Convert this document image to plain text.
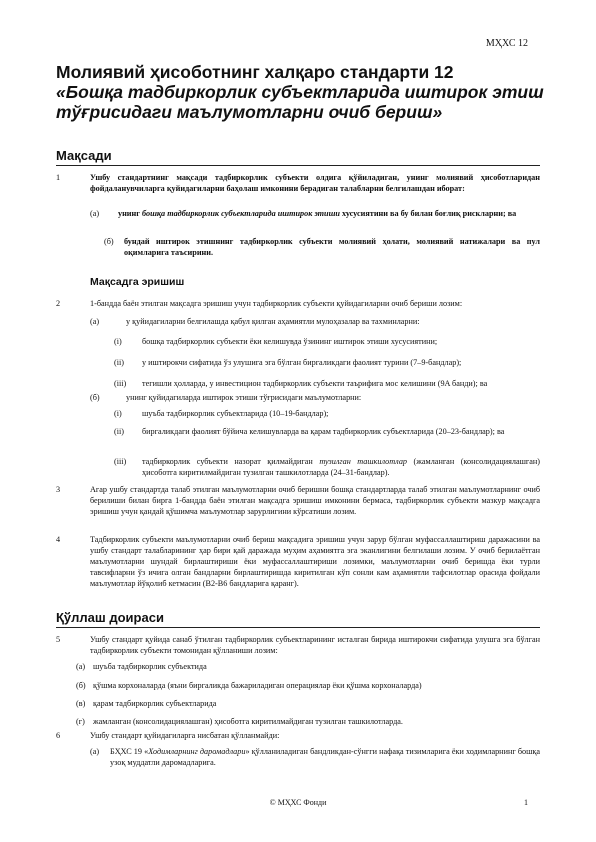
МҲХС 12
Молиявий ҳисоботнинг халқаро стандарти 12
«Бошқа тадбиркорлик субъектларида иштирок этиш тўғрисидаги маълумотларни очиб бериш»
Мақсади
1	Ушбу стандартнинг мақсади тадбиркорлик субъекти олдига қўйиладиган, унинг молиявий ҳисоботларидан фойдаланувчиларга қуйидагиларни баҳолаш имконини берадиган талабларни белгилашдан иборат:
(a) унинг бошқа тадбиркорлик субъектларида иштирок этиши хусусиятини ва бу билан боғлиқ рискларни; ва
(б) бундай иштирок этишнинг тадбиркорлик субъекти молиявий ҳолати, молиявий натижалари ва пул оқимларига таъсирини.
Мақсадга эришиш
2	1-бандда баён этилган мақсадга эришиш учун тадбиркорлик субъекти қуйидагиларни очиб бериши лозим:
(a)	у қуйидагиларни белгилашда қабул қилган аҳамиятли мулоҳазалар ва тахминларни:
(i) бошқа тадбиркорлик субъекти ёки келишувда ўзининг иштирок этиши хусусиятини;
(ii) у иштирокчи сифатида ўз улушига эга бўлган биргаликдаги фаолият турини (7–9-бандлар);
(iii) тегишли ҳолларда, у инвестицион тадбиркорлик субъекти таърифига мос келишини (9A банди); ва
(б)	унинг қуйидагиларда иштирок этиши тўғрисидаги маълумотларни:
(i) шуъба тадбиркорлик субъектларида (10–19-бандлар);
(ii) биргаликдаги фаолият бўйича келишувларда ва қарам тадбиркорлик субъектларида (20–23-бандлар); ва
(iii) тадбиркорлик субъекти назорат қилмайдиган тузилган ташкилотлар (жамланган (консолидациялашган) ҳисоботга киритилмайдиган тузилган ташкилотларда (24–31-бандлар).
3	Агар ушбу стандартда талаб этилган маълумотларни очиб беришни бошқа стандартларда талаб этилган маълумотларнинг очиб берилиши билан бирга 1-бандда баён этилган мақсадга эришиш имконини бермаса, тадбиркорлик субъекти мазкур мақсадга эришиш учун қандай қўшимча маълумотлар зарурлигини кўрсатиши лозим.
4	Тадбиркорлик субъекти маълумотларни очиб бериш мақсадига эришиш учун зарур бўлган муфассаллаштириш даражасини ва ушбу стандарт талабларининг ҳар бири қай даражада муҳим аҳамиятга эга эканлигини белгилаши лозим. У очиб берилаётган маълумотларни шундай бирлаштириши ёки муфассаллаштириши лозимки, маълумотларни очиб беришда ёки турли тавсифларни ўз ичига олган бандларни бирлаштиришда киритилган кўп сонли кам аҳамиятли тафсилотлар орасида фойдали маълумотлар йўқолиб кетмасин (B2-B6 бандларига қаранг).
Қўллаш доираси
5	Ушбу стандарт қуйида санаб ўтилган тадбиркорлик субъектларининг исталган бирида иштирокчи сифатида улушга эга бўлган тадбиркорлик субъекти томонидан қўлланиши лозим:
(a) шуъба тадбиркорлик субъектида
(б) қўшма корхоналарда (яъни биргаликда бажариладиган операциялар ёки қўшма корхоналарда)
(в) қарам тадбиркорлик субъектларида
(г) жамланган (консолидациялашган) ҳисоботга киритилмайдиган тузилган ташкилотларда.
6	Ушбу стандарт қуйидагиларга нисбатан қўлланмайди:
(a) БҲХС 19 «Ходимларнинг даромадлари» қўлланиладиган бандликдан-сўнгги нафақа тизимларига ёки ходимларнинг бошқа узоқ муддатли даромадларига.
© МҲХС Фонди	1
